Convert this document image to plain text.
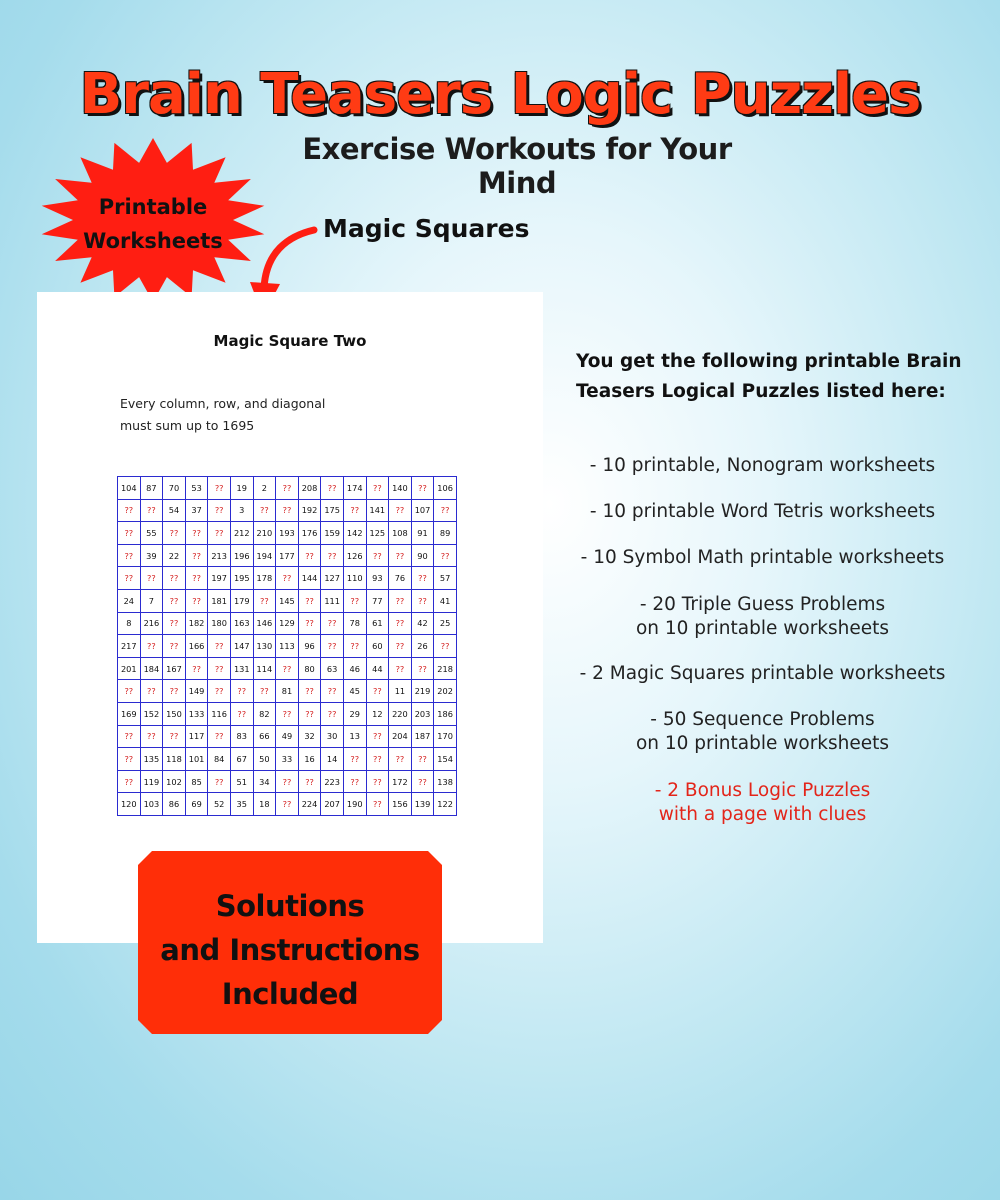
Brain Teasers Logic Puzzles
Exercise Workouts for Your Mind
Printable
Worksheets	Magic Squares
Magic Square Two
Every column, row, and diagonal
must sum up to 1695
104	87	70	53	??	19	2	??	208	??	174	??	140	??	106
??	??	54	37	??	3	??	??	192	175	??	141	??	107	??
??	55	??	??	??	212	210	193	176	159	142	125	108	91	89
??	39	22	??	213	196	194	177	??	??	126	??	??	90	??
??	??	??	??	197	195	178	??	144	127	110	93	76	??	57
24	7	??	??	181	179	??	145	??	111	??	77	??	??	41
8	216	??	182	180	163	146	129	??	??	78	61	??	42	25
217	??	??	166	??	147	130	113	96	??	??	60	??	26	??
201	184	167	??	??	131	114	??	80	63	46	44	??	??	218
??	??	??	149	??	??	??	81	??	??	45	??	11	219	202
169	152	150	133	116	??	82	??	??	??	29	12	220	203	186
??	??	??	117	??	83	66	49	32	30	13	??	204	187	170
??	135	118	101	84	67	50	33	16	14	??	??	??	??	154
??	119	102	85	??	51	34	??	??	223	??	??	172	??	138
120	103	86	69	52	35	18	??	224	207	190	??	156	139	122
Solutions
and Instructions
Included
You get the following printable Brain
Teasers Logical Puzzles listed here:
- 10 printable, Nonogram worksheets
- 10 printable Word Tetris worksheets
- 10 Symbol Math printable worksheets
- 20 Triple Guess Problems
on 10 printable worksheets
- 2 Magic Squares printable worksheets
- 50 Sequence Problems
on 10 printable worksheets
- 2 Bonus Logic Puzzles
with a page with clues
